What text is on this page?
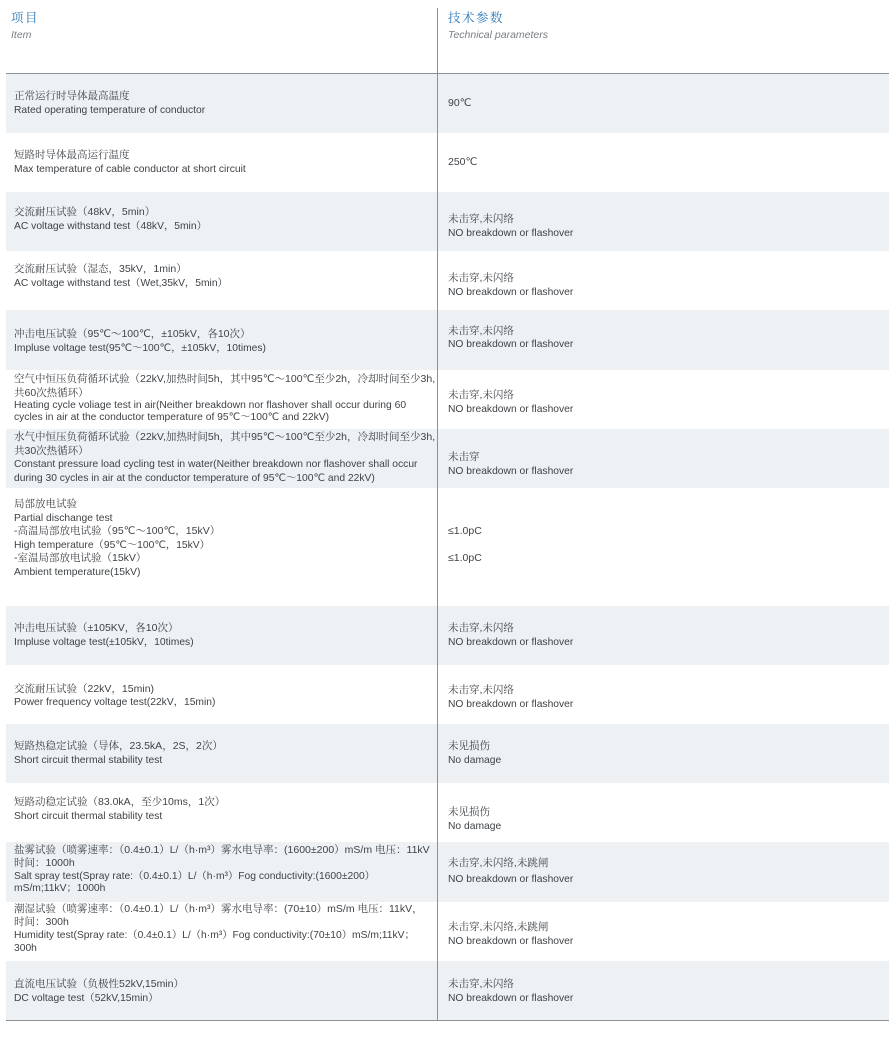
项目
Item
技术参数
Technical parameters
正常运行时导体最高温度
Rated operating temperature of conductor
90℃
短路时导体最高运行温度
Max temperature of cable conductor at short circuit
250℃
交流耐压试验（48kV，5min）
AC voltage withstand test（48kV，5min）
未击穿,未闪络
NO breakdown or flashover
交流耐压试验（湿态，35kV，1min）
AC voltage withstand test（Wet,35kV，5min）	未击穿,未闪络
NO breakdown or flashover
冲击电压试验（95℃～100℃，±105kV，各10次）
Impluse voltage test(95℃～100℃，±105kV，10times)
未击穿,未闪络
NO breakdown or flashover
空气中恒压负荷循环试验（22kV,加热时间5h，其中95℃～100℃至少2h，冷却时间至少3h,
共60次热循环）
Heating cycle voliage test in air(Neither breakdown nor flashover shall occur during 60
cycles in air at the conductor temperature of 95℃～100℃ and 22kV)
未击穿,未闪络
NO breakdown or flashover
水气中恒压负荷循环试验（22kV,加热时间5h，其中95℃～100℃至少2h，冷却时间至少3h,
共30次热循环）
Constant pressure load cycling test in water(Neither breakdown nor flashover shall occur
during 30 cycles in air at the conductor temperature of 95℃～100℃ and 22kV)
未击穿
NO breakdown or flashover
局部放电试验
Partial dischange test
-高温局部放电试验（95℃～100℃，15kV）
High temperature（95℃～100℃，15kV）
-室温局部放电试验（15kV）
Ambient temperature(15kV)
≤1.0pC
≤1.0pC
冲击电压试验（±105KV，各10次）
Impluse voltage test(±105kV，10times)
未击穿,未闪络
NO breakdown or flashover
交流耐压试验（22kV，15min)
Power frequency voltage test(22kV，15min)
未击穿,未闪络
NO breakdown or flashover
短路热稳定试验（导体，23.5kA，2S，2次）
Short circuit thermal stability test
未见损伤
No damage
短路动稳定试验（83.0kA，至少10ms，1次）
Short circuit thermal stability test	未见损伤
No damage
盐雾试验（喷雾速率：（0.4±0.1）L/（h·m³）雾水电导率：(1600±200）mS/m 电压：11kV
时间：1000h
Salt spray test(Spray rate:（0.4±0.1）L/（h·m³）Fog conductivity:(1600±200）
mS/m;11kV；1000h
未击穿,未闪络,未跳闸
NO breakdown or flashover
潮湿试验（喷雾速率：（0.4±0.1）L/（h·m³）雾水电导率：(70±10）mS/m 电压：11kV，
时间：300h
Humidity test(Spray rate:（0.4±0.1）L/（h·m³）Fog conductivity:(70±10）mS/m;11kV；
300h
未击穿,未闪络,未跳闸
NO breakdown or flashover
直流电压试验（负极性52kV,15min）
DC voltage test（52kV,15min）
未击穿,未闪络
NO breakdown or flashover
